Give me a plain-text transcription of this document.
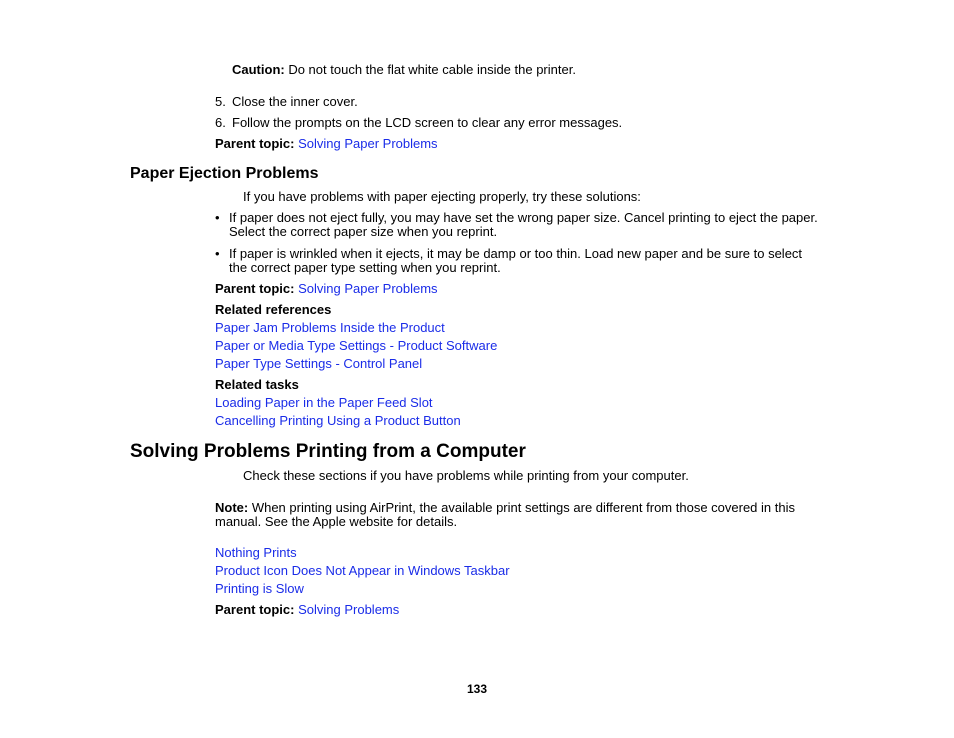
Caution: Do not touch the flat white cable inside the printer.
5. Close the inner cover.
6. Follow the prompts on the LCD screen to clear any error messages.
Parent topic: Solving Paper Problems
Paper Ejection Problems
If you have problems with paper ejecting properly, try these solutions:
• If paper does not eject fully, you may have set the wrong paper size. Cancel printing to eject the paper.
Select the correct paper size when you reprint.
• If paper is wrinkled when it ejects, it may be damp or too thin. Load new paper and be sure to select
the correct paper type setting when you reprint.
Parent topic: Solving Paper Problems
Related references
Paper Jam Problems Inside the Product
Paper or Media Type Settings - Product Software
Paper Type Settings - Control Panel
Related tasks
Loading Paper in the Paper Feed Slot
Cancelling Printing Using a Product Button
Solving Problems Printing from a Computer
Check these sections if you have problems while printing from your computer.
Note: When printing using AirPrint, the available print settings are different from those covered in this
manual. See the Apple website for details.
Nothing Prints
Product Icon Does Not Appear in Windows Taskbar
Printing is Slow
Parent topic: Solving Problems
133
